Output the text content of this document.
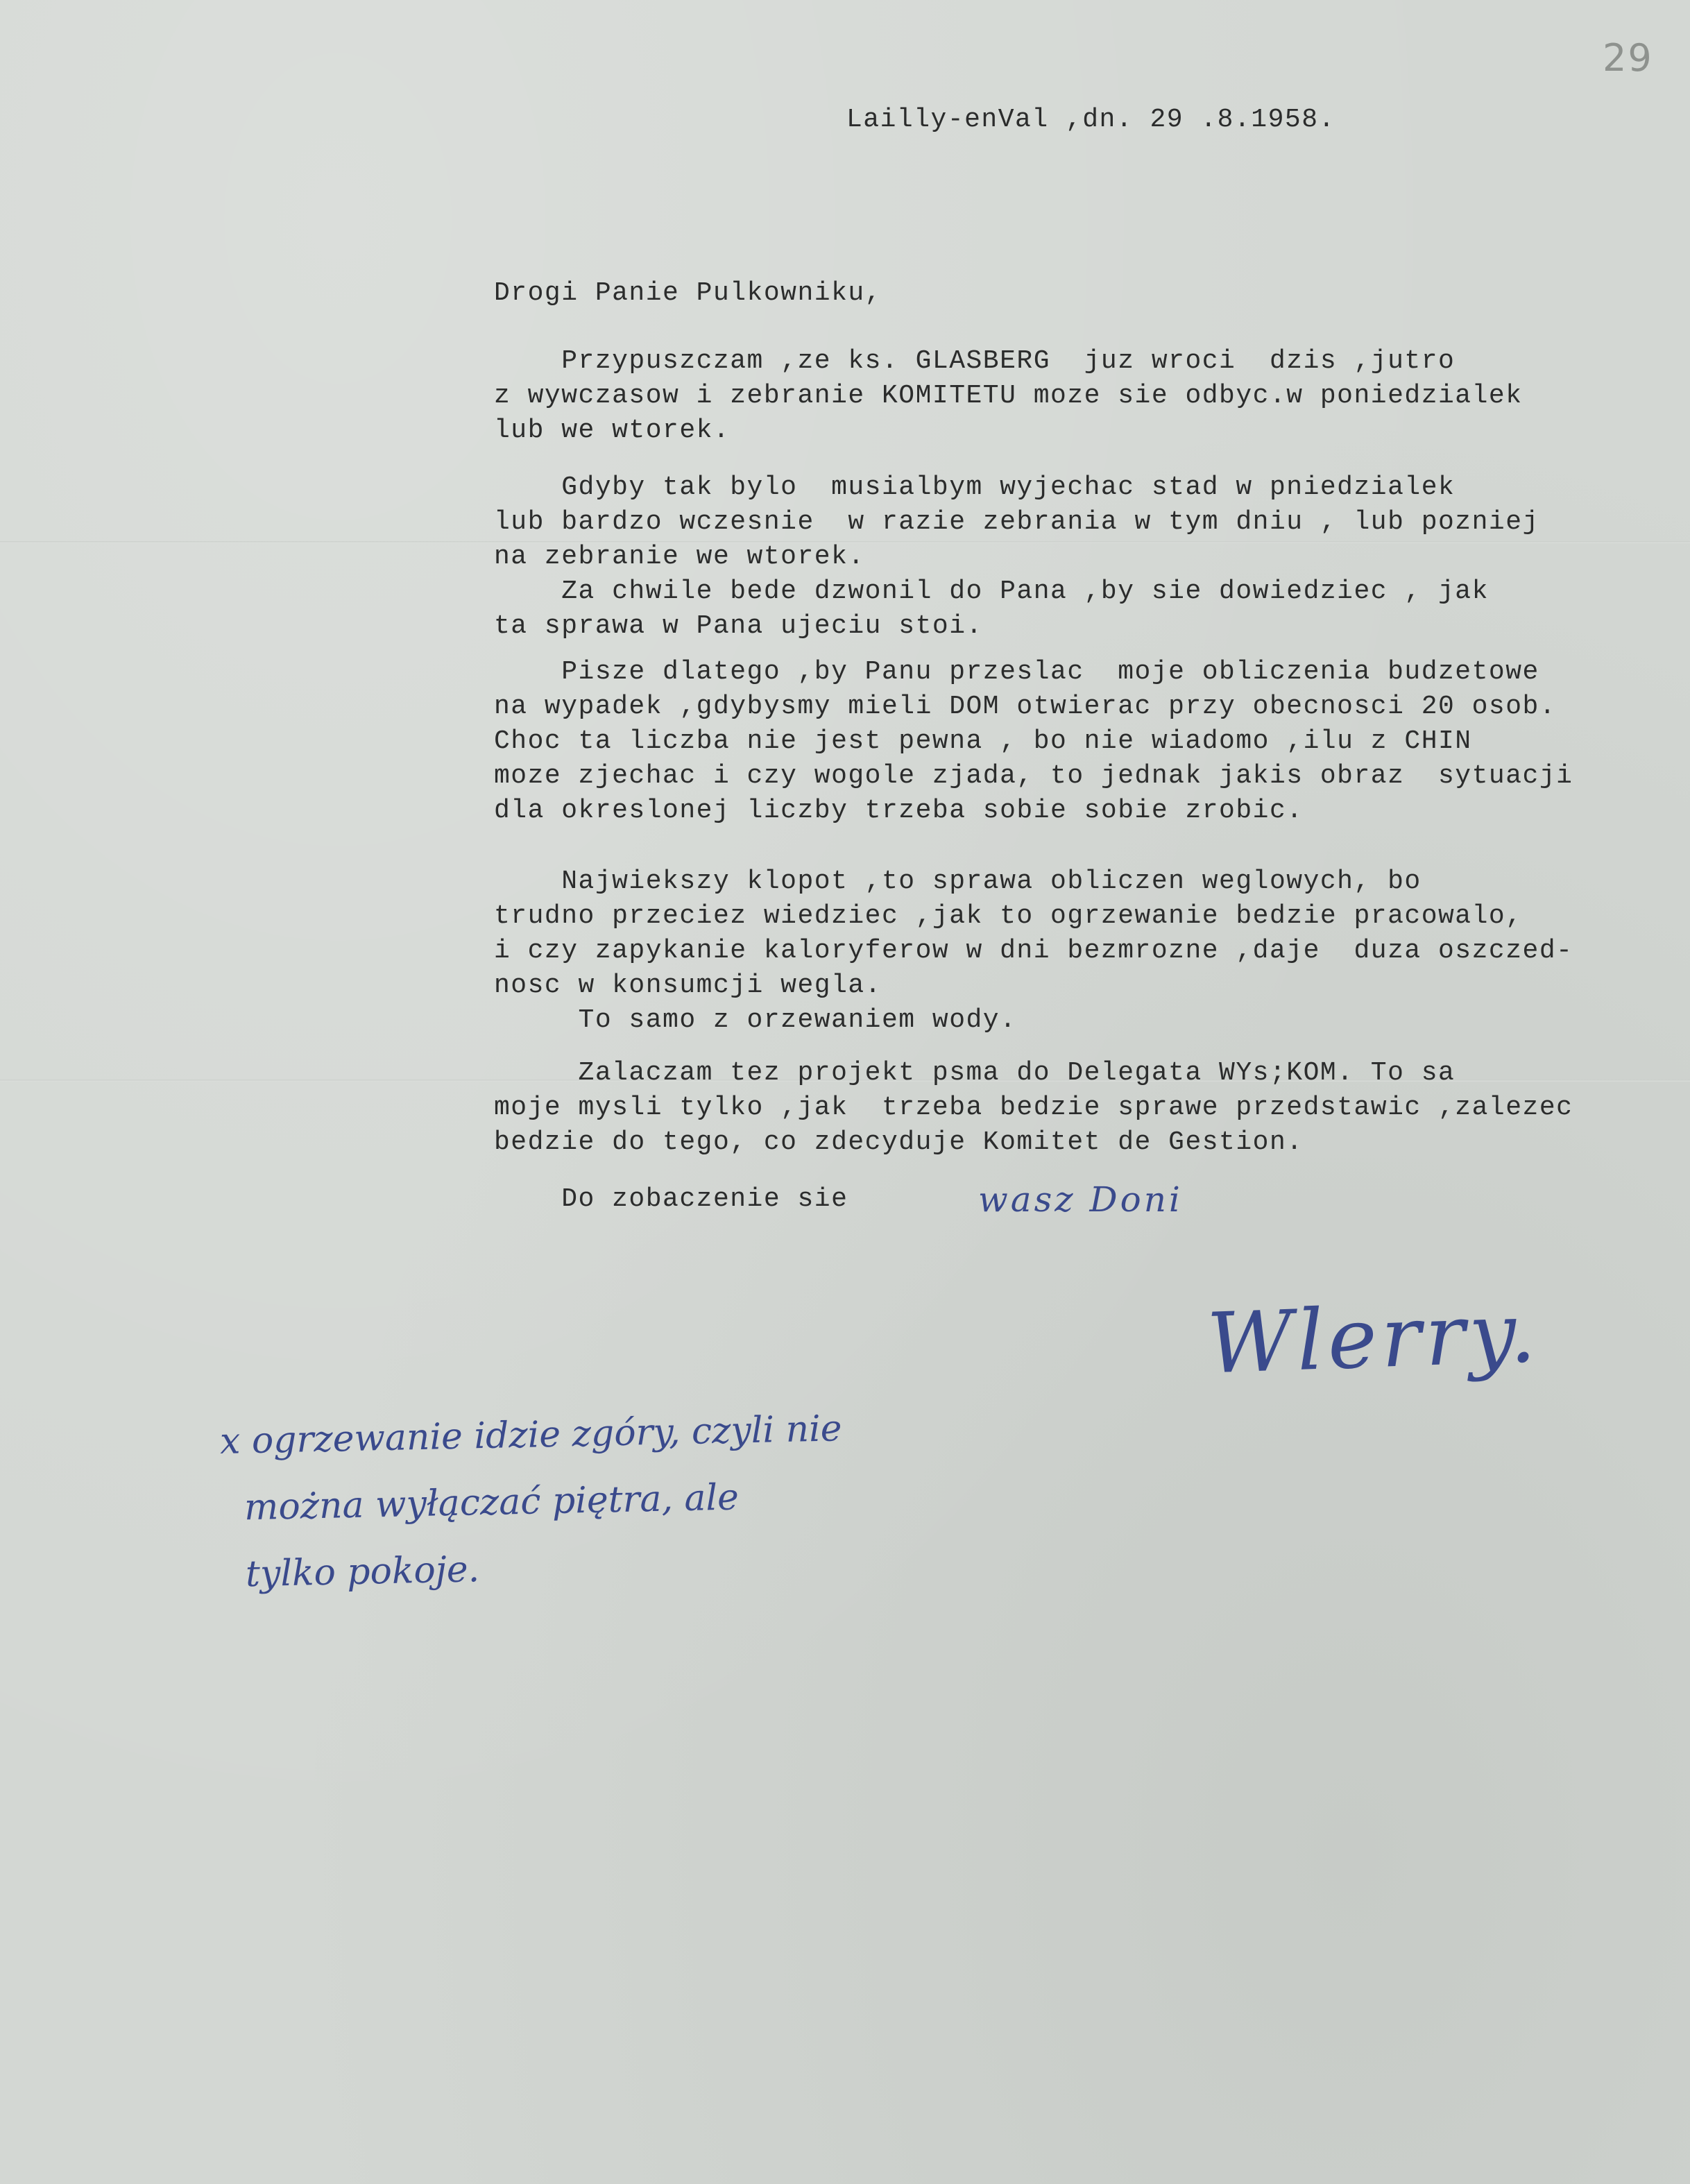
29
Lailly-enVal ,dn. 29 .8.1958.
Drogi Panie Pulkowniku,
Przypuszczam ,ze ks. GLASBERG  juz wroci  dzis ,jutro
z wywczasow i zebranie KOMITETU moze sie odbyc.w poniedzialek
lub we wtorek.
Gdyby tak bylo  musialbym wyjechac stad w pniedzialek
lub bardzo wczesnie  w razie zebrania w tym dniu , lub pozniej
na zebranie we wtorek.
Za chwile bede dzwonil do Pana ,by sie dowiedziec , jak
ta sprawa w Pana ujeciu stoi.
Pisze dlatego ,by Panu przeslac  moje obliczenia budzetowe
na wypadek ,gdybysmy mieli DOM otwierac przy obecnosci 20 osob.
Choc ta liczba nie jest pewna , bo nie wiadomo ,ilu z CHIN
moze zjechac i czy wogole zjada, to jednak jakis obraz  sytuacji
dla okreslonej liczby trzeba sobie sobie zrobic.
Najwiekszy klopot ,to sprawa obliczen weglowych, bo
trudno przeciez wiedziec ,jak to ogrzewanie bedzie pracowalo,
i czy zapykanie kaloryferow w dni bezmrozne ,daje  duza oszczed-
nosc w konsumcji wegla.
To samo z orzewaniem wody.
Zalaczam tez projekt psma do Delegata WYs;KOM. To sa
moje mysli tylko ,jak  trzeba bedzie sprawe przedstawic ,zalezec
bedzie do tego, co zdecyduje Komitet de Gestion.
Do zobaczenie sie	wasz Doni
Wlerry.
x ogrzewanie idzie zgóry, czyli nie
można wyłączać piętra, ale
tylko pokoje.
